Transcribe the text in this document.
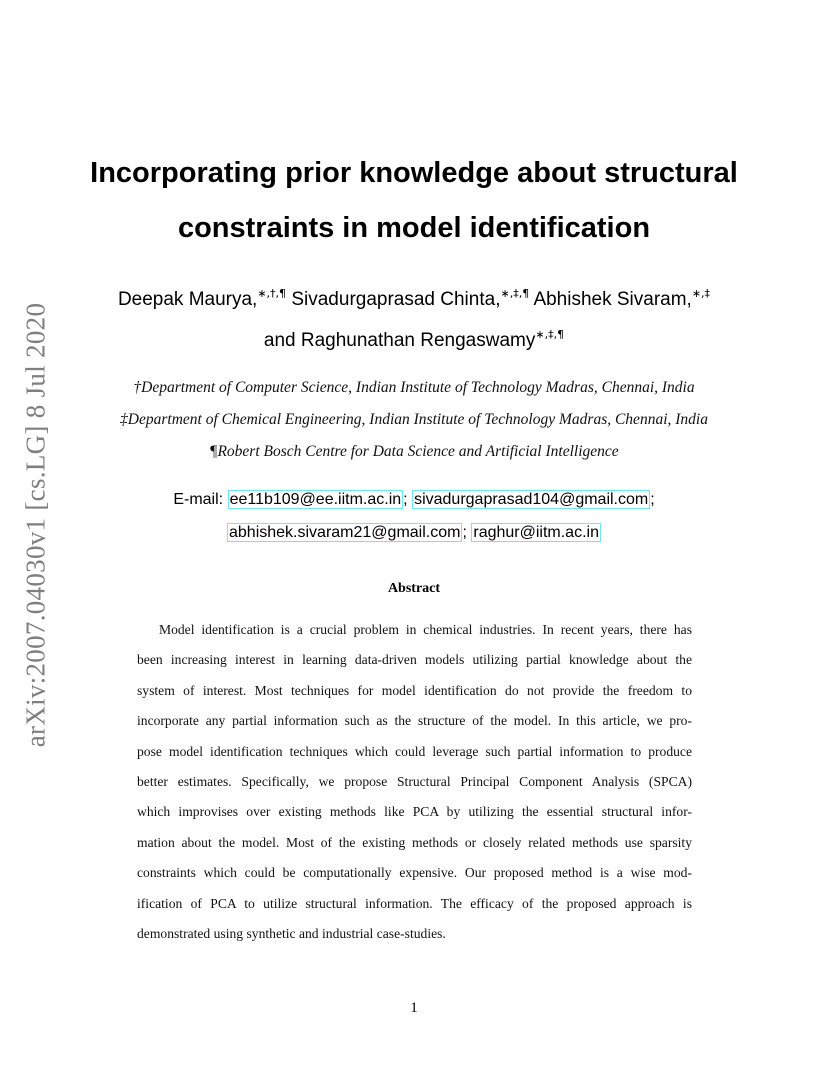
arXiv:2007.04030v1 [cs.LG] 8 Jul 2020
Incorporating prior knowledge about structural
constraints in model identification
Deepak Maurya,∗,†,¶ Sivadurgaprasad Chinta,∗,‡,¶ Abhishek Sivaram,∗,‡
and Raghunathan Rengaswamy∗,‡,¶
†Department of Computer Science, Indian Institute of Technology Madras, Chennai, India
‡Department of Chemical Engineering, Indian Institute of Technology Madras, Chennai, India
¶Robert Bosch Centre for Data Science and Artificial Intelligence
E-mail: ee11b109@ee.iitm.ac.in ; sivadurgaprasad104@gmail.com ;
abhishek.sivaram21@gmail.com ; raghur@iitm.ac.in
Abstract
Model identification is a crucial problem in chemical industries. In recent years, there has
been increasing interest in learning data-driven models utilizing partial knowledge about the
system of interest. Most techniques for model identification do not provide the freedom to
incorporate any partial information such as the structure of the model. In this article, we pro-
pose model identification techniques which could leverage such partial information to produce
better estimates. Specifically, we propose Structural Principal Component Analysis (SPCA)
which improvises over existing methods like PCA by utilizing the essential structural infor-
mation about the model. Most of the existing methods or closely related methods use sparsity
constraints which could be computationally expensive. Our proposed method is a wise mod-
ification of PCA to utilize structural information. The efficacy of the proposed approach is
demonstrated using synthetic and industrial case-studies.
1
